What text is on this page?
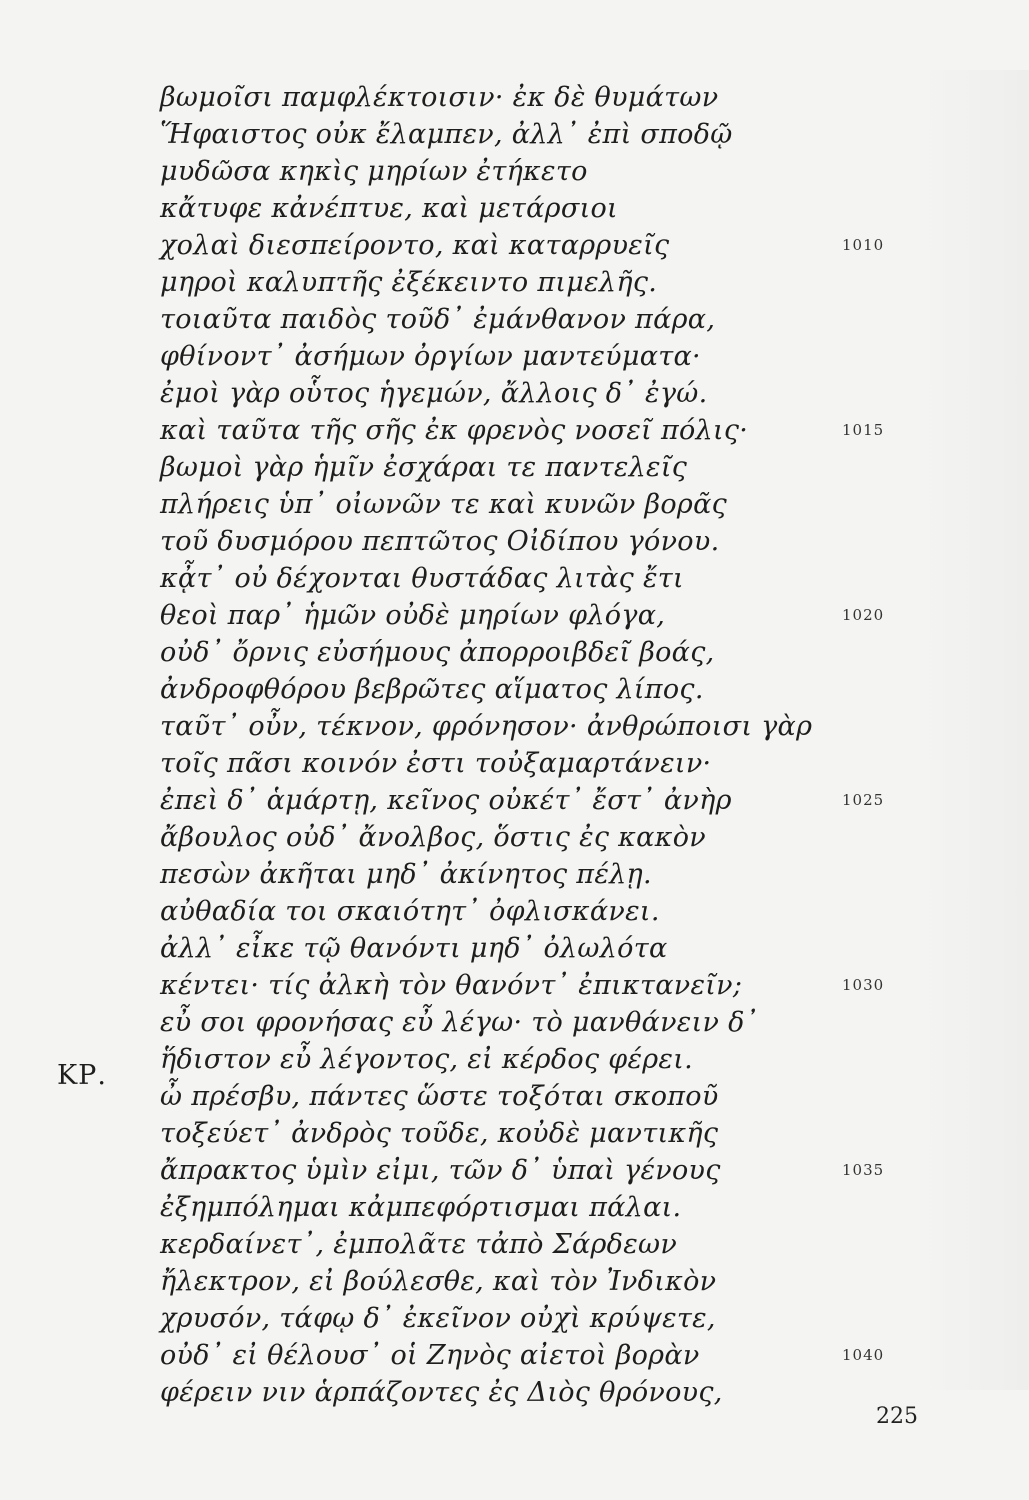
βωμοῖσι παμφλέκτοισιν· ἐκ δὲ θυμάτων
Ἥφαιστος οὐκ ἔλαμπεν, ἀλλ᾽ ἐπὶ σποδῷ
μυδῶσα κηκὶς μηρίων ἐτήκετο
κἄτυφε κἀνέπτυε, καὶ μετάρσιοι
χολαὶ διεσπείροντο, καὶ καταρρυεῖς
μηροὶ καλυπτῆς ἐξέκειντο πιμελῆς.
τοιαῦτα παιδὸς τοῦδ᾽ ἐμάνθανον πάρα,
φθίνοντ᾽ ἀσήμων ὀργίων μαντεύματα·
ἐμοὶ γὰρ οὗτος ἡγεμών, ἄλλοις δ᾽ ἐγώ.
καὶ ταῦτα τῆς σῆς ἐκ φρενὸς νοσεῖ πόλις·
βωμοὶ γὰρ ἡμῖν ἐσχάραι τε παντελεῖς
πλήρεις ὑπ᾽ οἰωνῶν τε καὶ κυνῶν βορᾶς
τοῦ δυσμόρου πεπτῶτος Οἰδίπου γόνου.
κᾆτ᾽ οὐ δέχονται θυστάδας λιτὰς ἔτι
θεοὶ παρ᾽ ἡμῶν οὐδὲ μηρίων φλόγα,
οὐδ᾽ ὄρνις εὐσήμους ἀπορροιβδεῖ βοάς,
ἀνδροφθόρου βεβρῶτες αἵματος λίπος.
ταῦτ᾽ οὖν, τέκνον, φρόνησον· ἀνθρώποισι γὰρ
τοῖς πᾶσι κοινόν ἐστι τοὐξαμαρτάνειν·
ἐπεὶ δ᾽ ἁμάρτῃ, κεῖνος οὐκέτ᾽ ἔστ᾽ ἀνὴρ
ἄβουλος οὐδ᾽ ἄνολβος, ὅστις ἐς κακὸν
πεσὼν ἀκῆται μηδ᾽ ἀκίνητος πέλῃ.
αὐθαδία τοι σκαιότητ᾽ ὀφλισκάνει.
ἀλλ᾽ εἶκε τῷ θανόντι μηδ᾽ ὀλωλότα
κέντει· τίς ἀλκὴ τὸν θανόντ᾽ ἐπικτανεῖν;
εὖ σοι φρονήσας εὖ λέγω· τὸ μανθάνειν δ᾽
ἥδιστον εὖ λέγοντος, εἰ κέρδος φέρει.
ὦ πρέσβυ, πάντες ὥστε τοξόται σκοποῦ
τοξεύετ᾽ ἀνδρὸς τοῦδε, κοὐδὲ μαντικῆς
ἄπρακτος ὑμὶν εἰμι, τῶν δ᾽ ὑπαὶ γένους
ἐξημπόλημαι κἀμπεφόρτισμαι πάλαι.
κερδαίνετ᾽, ἐμπολᾶτε τἀπὸ Σάρδεων
ἤλεκτρον, εἰ βούλεσθε, καὶ τὸν Ἰνδικὸν
χρυσόν, τάφῳ δ᾽ ἐκεῖνον οὐχὶ κρύψετε,
οὐδ᾽ εἰ θέλουσ᾽ οἱ Ζηνὸς αἰετοὶ βορὰν
φέρειν νιν ἁρπάζοντες ἐς Διὸς θρόνους,
1010
1015
1020
1025
1030
1035
1040
ΚΡ.
225
